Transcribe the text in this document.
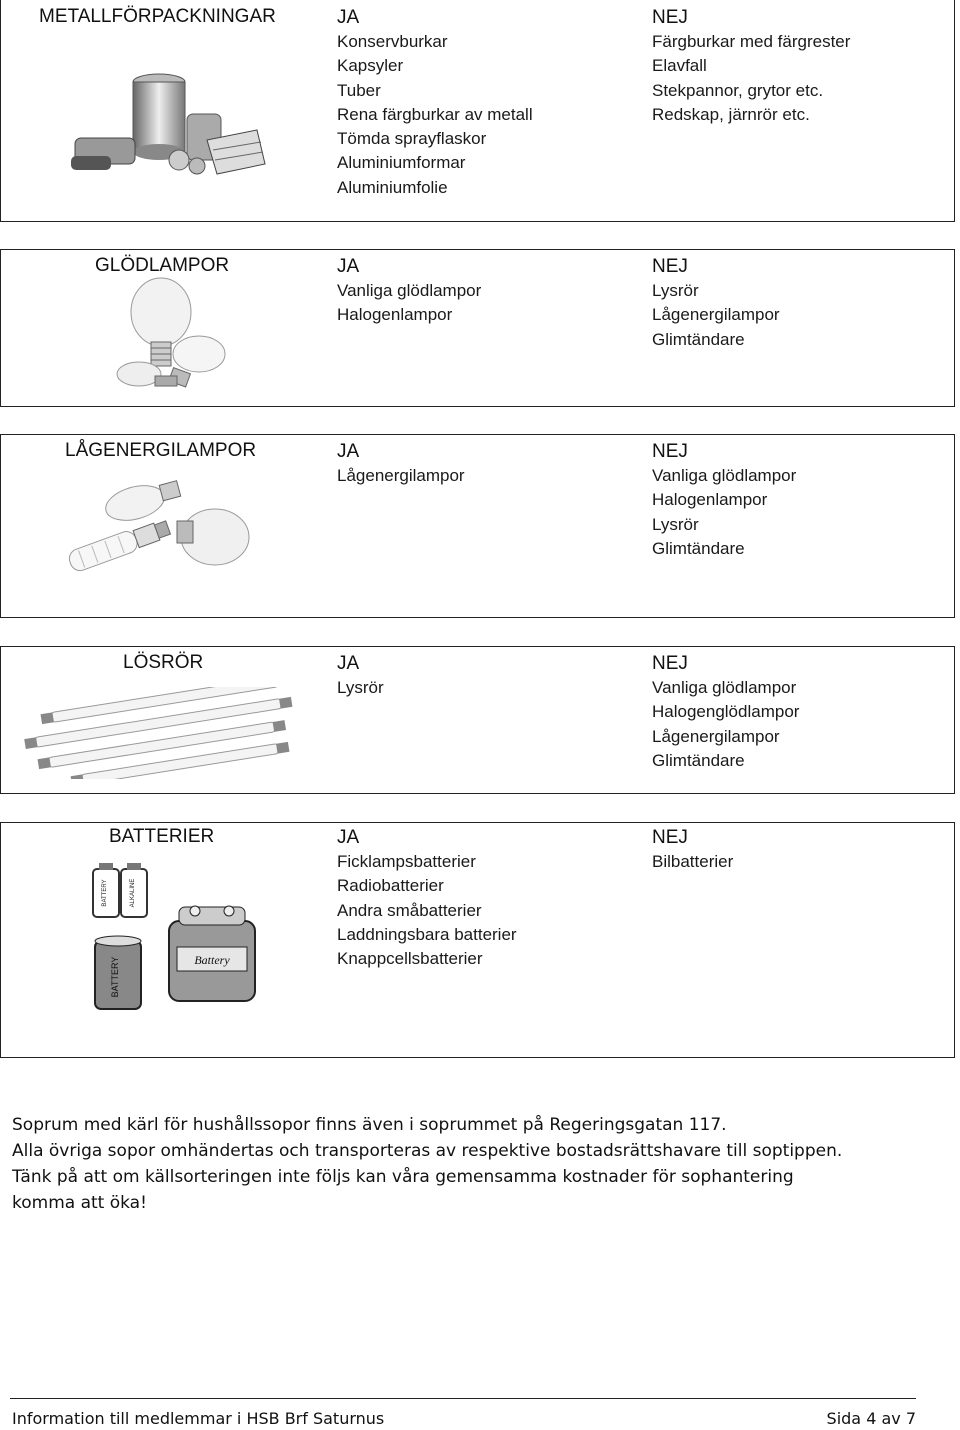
METALLFÖRPACKNINGAR	JA
Konservburkar
Kapsyler
Tuber
Rena färgburkar av metall
Tömda sprayflaskor
Aluminiumformar
Aluminiumfolie
NEJ
Färgburkar med färgrester
Elavfall
Stekpannor, grytor etc.
Redskap, järnrör etc.
GLÖDLAMPOR	JA
Vanliga glödlampor
Halogenlampor
NEJ
Lysrör
Lågenergilampor
Glimtändare
LÅGENERGILAMPOR	JA
Lågenergilampor
NEJ
Vanliga glödlampor
Halogenlampor
Lysrör
Glimtändare
LÖSRÖR	JA
Lysrör
NEJ
Vanliga glödlampor
Halogenglödlampor
Lågenergilampor
Glimtändare
BATTERIER
BATTERY	ALKALINE
BATTERY	Battery
JA
Ficklampsbatterier
Radiobatterier
Andra småbatterier
Laddningsbara batterier
Knappcellsbatterier
NEJ
Bilbatterier
Soprum med kärl för hushållssopor finns även i soprummet på Regeringsgatan 117.
Alla övriga sopor omhändertas och transporteras av respektive bostadsrättshavare till soptippen.
Tänk på att om källsorteringen inte följs kan våra gemensamma kostnader för sophantering
komma att öka!
Information till medlemmar i HSB Brf Saturnus	Sida 4 av 7
